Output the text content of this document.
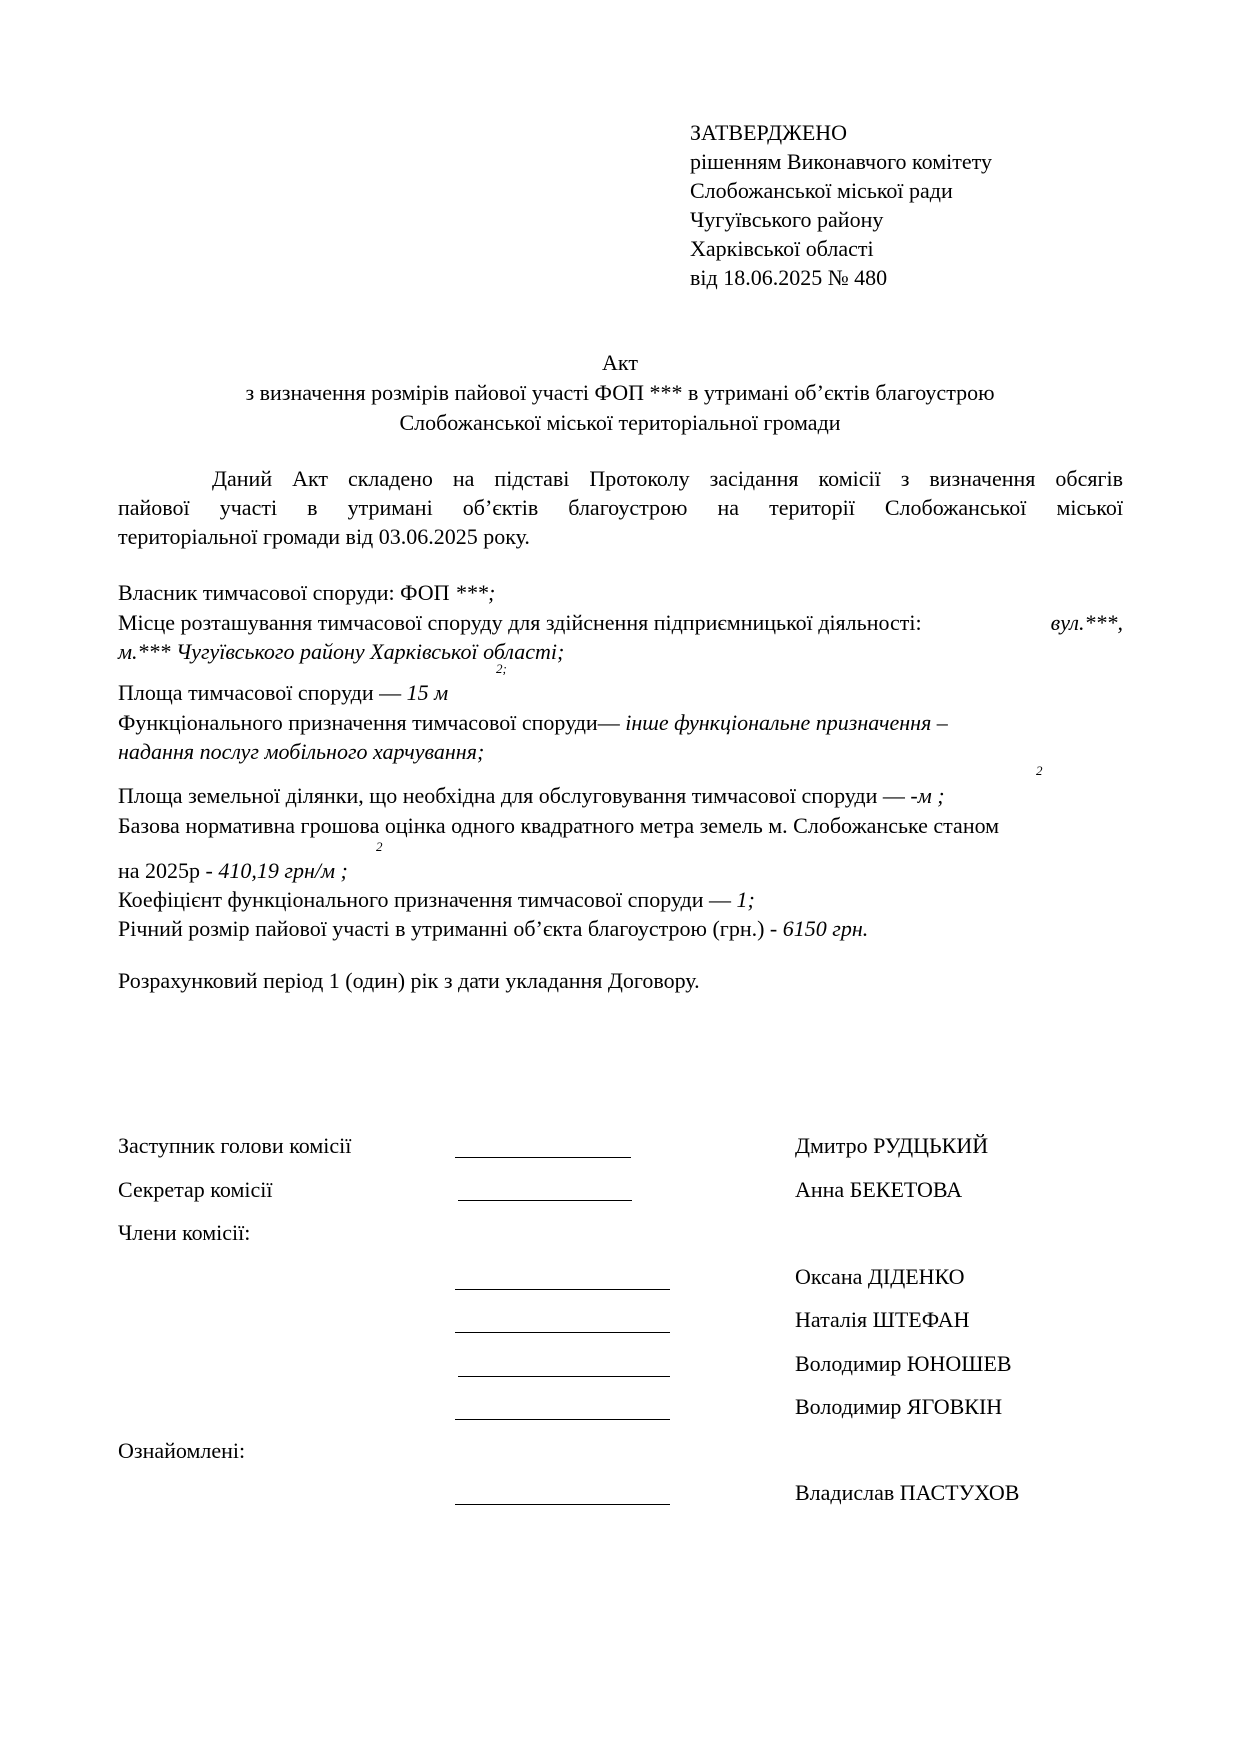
ЗАТВЕРДЖЕНО
рішенням Виконавчого комітету
Слобожанської міської ради
Чугуївського району
Харківської області
від 18.06.2025 № 480
Акт
з визначення розмірів пайової участі ФОП *** в утримані об’єктів благоустрою
Слобожанської міської територіальної громади
Даний Акт складено на підставі Протоколу засідання комісії з визначення обсягів
пайової участі в утримані об’єктів благоустрою на території Слобожанської міської
територіальної громади від 03.06.2025 року.
Власник тимчасової споруди: ФОП ***;
Місце розташування тимчасової споруду для здійснення підприємницької діяльності:	вул.***,
м.*** Чугуївського району Харківської області;
2;
Площа тимчасової споруди — 15 м
Функціонального призначення тимчасової споруди— інше функціональне призначення –
надання послуг мобільного харчування;
2
Площа земельної ділянки, що необхідна для обслуговування тимчасової споруди — -м ;
Базова нормативна грошова оцінка одного квадратного метра земель м. Слобожанське станом
2
на 2025р - 410,19 грн/м ;
Коефіцієнт функціонального призначення тимчасової споруди — 1;
Річний розмір пайової участі в утриманні об’єкта благоустрою (грн.) - 6150 грн.
Розрахунковий період 1 (один) рік з дати укладання Договору.
Заступник голови комісії	Дмитро РУДЦЬКИЙ
Секретар комісії	Анна БЕКЕТОВА
Члени комісії:
Оксана ДІДЕНКО
Наталія ШТЕФАН
Володимир ЮНОШЕВ
Володимир ЯГОВКІН
Ознайомлені:
Владислав ПАСТУХОВ
